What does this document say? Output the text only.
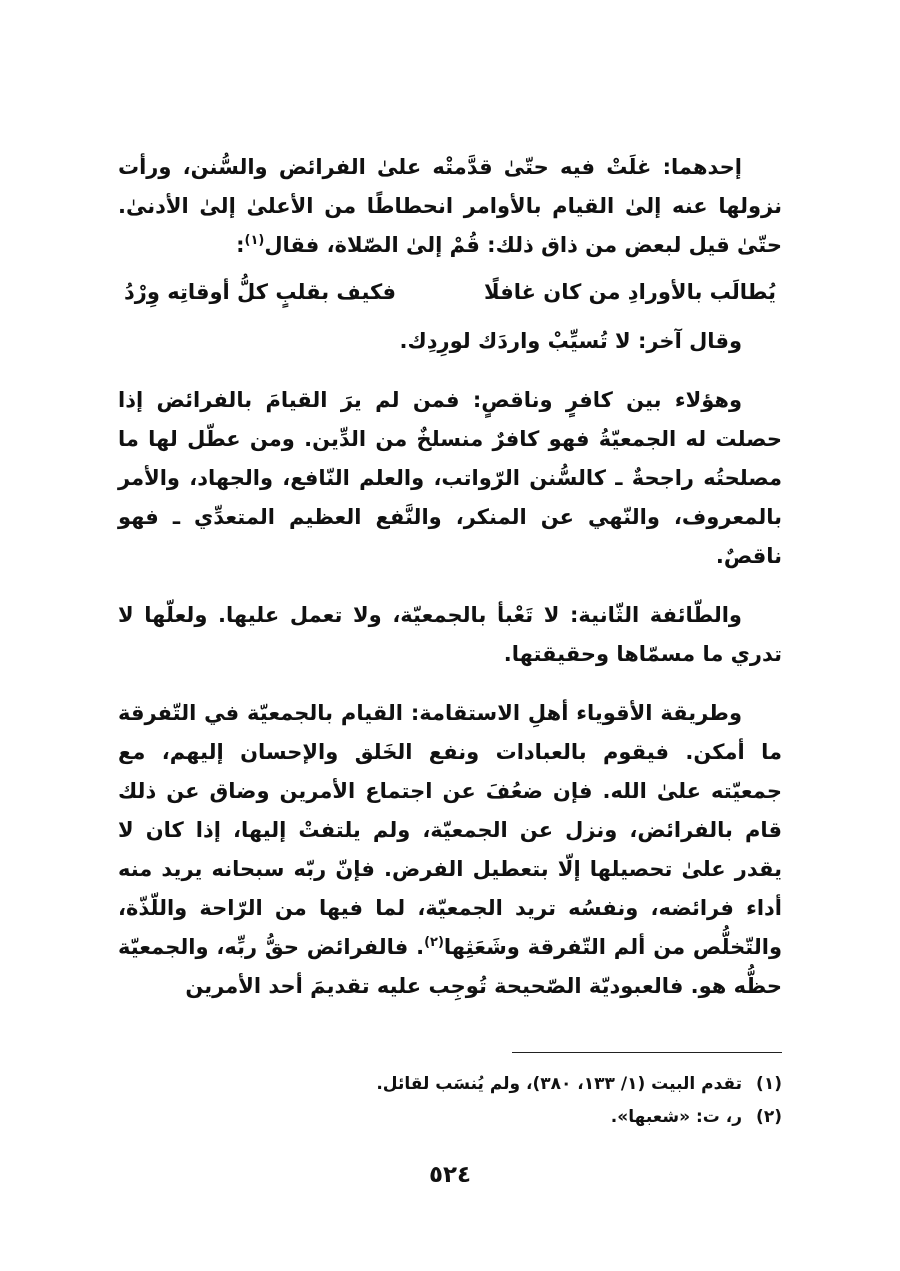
إحدهما: غلَتْ فيه حتّىٰ قدَّمتْه علىٰ الفرائض والسُّنن، ورأت نزولها عنه إلىٰ القيام بالأوامر انحطاطًا من الأعلىٰ إلىٰ الأدنىٰ. حتّىٰ قيل لبعض من ذاق ذلك: قُمْ إلىٰ الصّلاة، فقال$^{(١)}$:

يُطالَب بالأورادِ من كان غافلًا
فكيف بقلبٍ كلُّ أوقاتِه وِرْدُ

وقال آخر: لا تُسيِّبْ واردَك لورِدِك.

وهؤلاء بين كافرٍ وناقصٍ: فمن لم يرَ القيامَ بالفرائض إذا حصلت له الجمعيّةُ فهو كافرٌ منسلخٌ من الدِّين. ومن عطّل لها ما مصلحتُه راجحةٌ ـ كالسُّنن الرّواتب، والعلم النّافع، والجهاد، والأمر بالمعروف، والنّهي عن المنكر، والنَّفع العظيم المتعدِّي ـ فهو ناقصٌ.

والطّائفة الثّانية: لا تَعْبأ بالجمعيّة، ولا تعمل عليها. ولعلّها لا تدري ما مسمّاها وحقيقتها.

وطريقة الأقوياء أهلِ الاستقامة: القيام بالجمعيّة في التّفرقة ما أمكن. فيقوم بالعبادات ونفع الخَلق والإحسان إليهم، مع جمعيّته علىٰ الله. فإن ضعُفَ عن اجتماع الأمرين وضاق عن ذلك قام بالفرائض، ونزل عن الجمعيّة، ولم يلتفتْ إليها، إذا كان لا يقدر علىٰ تحصيلها إلّا بتعطيل الفرض. فإنّ ربّه سبحانه يريد منه أداء فرائضه، ونفسُه تريد الجمعيّة، لما فيها من الرّاحة واللّذّة، والتّخلُّص من ألم التّفرقة وشَعَثِها$^{(٢)}$. فالفرائض حقُّ ربِّه، والجمعيّة حظُّه هو. فالعبوديّة الصّحيحة تُوجِب عليه تقديمَ أحد الأمرين

(١)
تقدم البيت (١/ ١٣٣، ٣٨٠)، ولم يُنسَب لقائل.
(٢)
ر، ت: «شعبها».
٥٢٤
